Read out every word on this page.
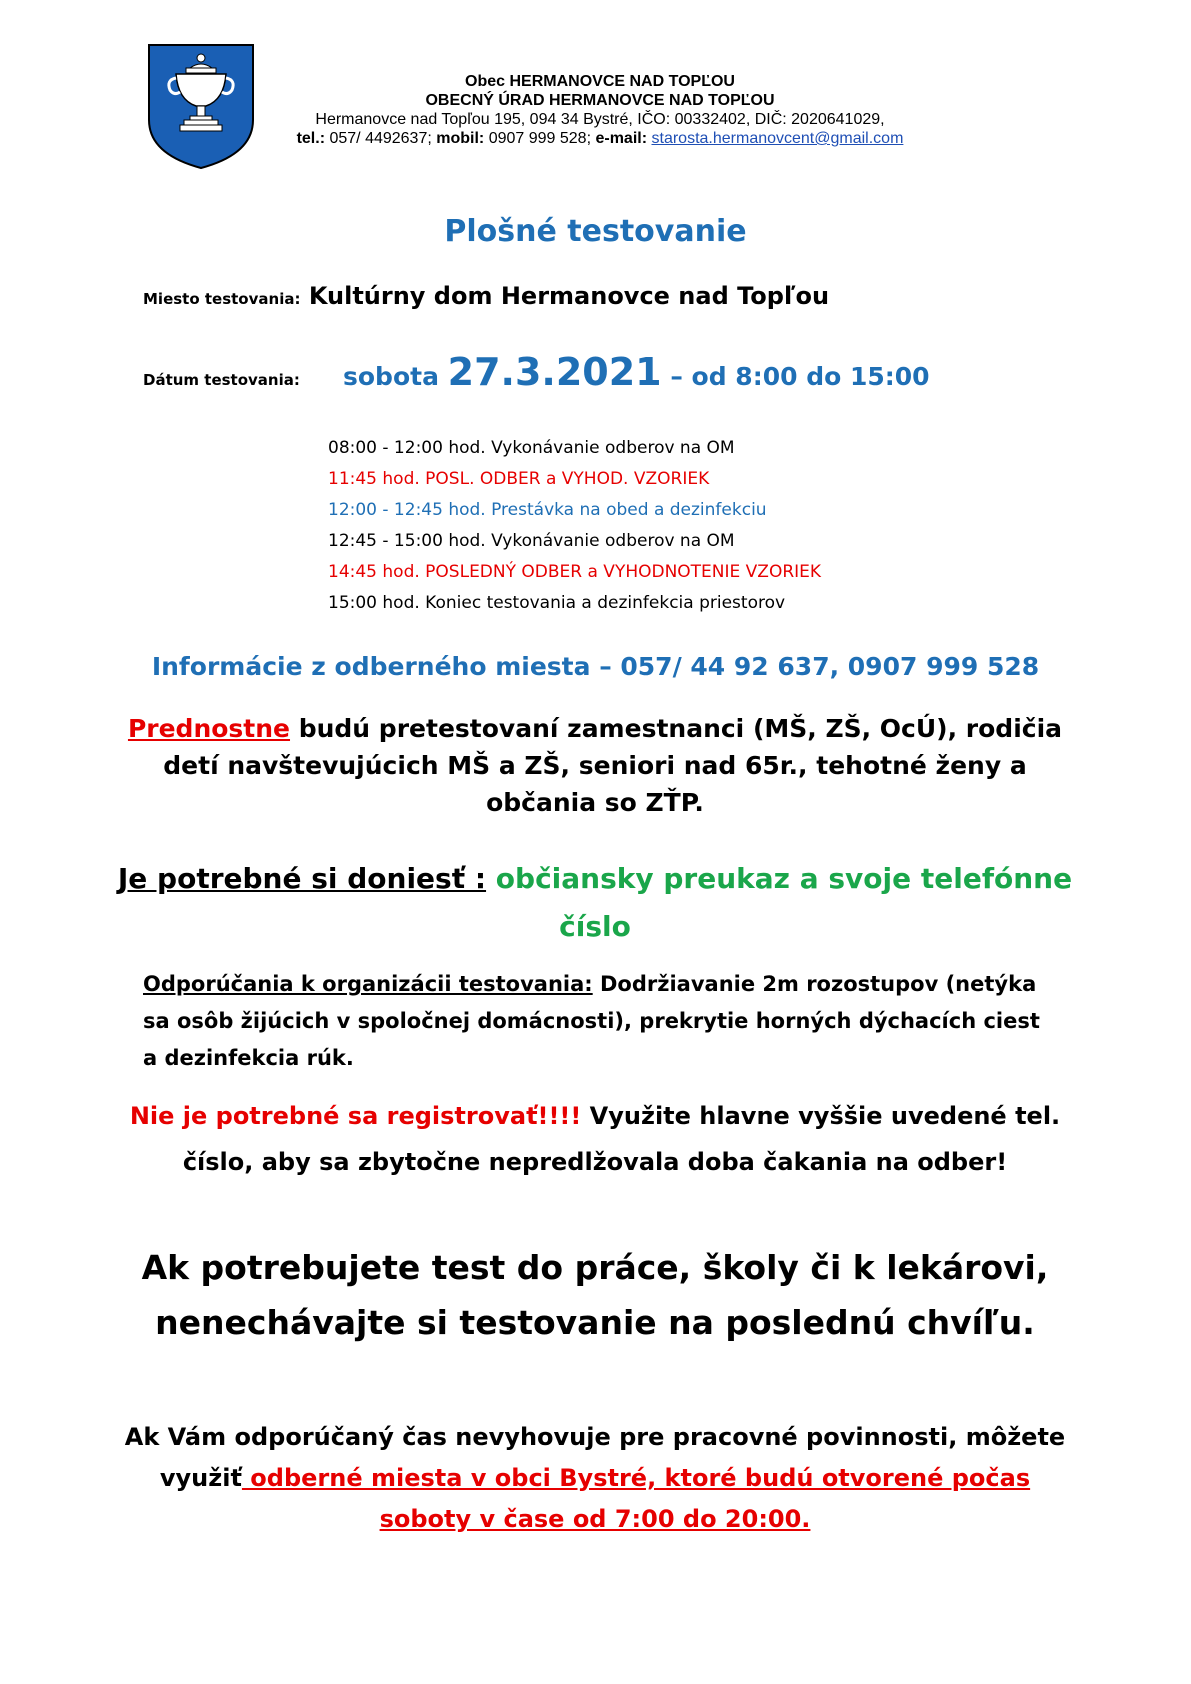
Obec HERMANOVCE NAD TOPĽOU
OBECNÝ ÚRAD HERMANOVCE NAD TOPĽOU
Hermanovce nad Topľou 195, 094 34 Bystré, IČO: 00332402, DIČ: 2020641029,
tel.: 057/ 4492637; mobil: 0907 999 528; e-mail: starosta.hermanovcent@gmail.com
Plošné testovanie
Miesto testovania: Kultúrny dom Hermanovce nad Topľou
Dátum testovania: sobota 27.3.2021 – od 8:00 do 15:00
08:00 - 12:00 hod. Vykonávanie odberov na OM
11:45 hod. POSL. ODBER a VYHOD. VZORIEK
12:00 - 12:45 hod. Prestávka na obed a dezinfekciu
12:45 - 15:00 hod. Vykonávanie odberov na OM
14:45 hod. POSLEDNÝ ODBER a VYHODNOTENIE VZORIEK
15:00 hod. Koniec testovania a dezinfekcia priestorov
Informácie z odberného miesta – 057/ 44 92 637, 0907 999 528
Prednostne budú pretestovaní zamestnanci (MŠ, ZŠ, OcÚ), rodičia detí navštevujúcich MŠ a ZŠ, seniori nad 65r., tehotné ženy a občania so ZŤP.
Je potrebné si doniesť : občiansky preukaz a svoje telefónne číslo
Odporúčania k organizácii testovania: Dodržiavanie 2m rozostupov (netýka sa osôb žijúcich v spoločnej domácnosti), prekrytie horných dýchacích ciest a dezinfekcia rúk.
Nie je potrebné sa registrovať!!!! Využite hlavne vyššie uvedené tel. číslo, aby sa zbytočne nepredlžovala doba čakania na odber!
Ak potrebujete test do práce, školy či k lekárovi, nenechávajte si testovanie na poslednú chvíľu.
Ak Vám odporúčaný čas nevyhovuje pre pracovné povinnosti, môžete využiť odberné miesta v obci Bystré, ktoré budú otvorené počas soboty v čase od 7:00 do 20:00.
